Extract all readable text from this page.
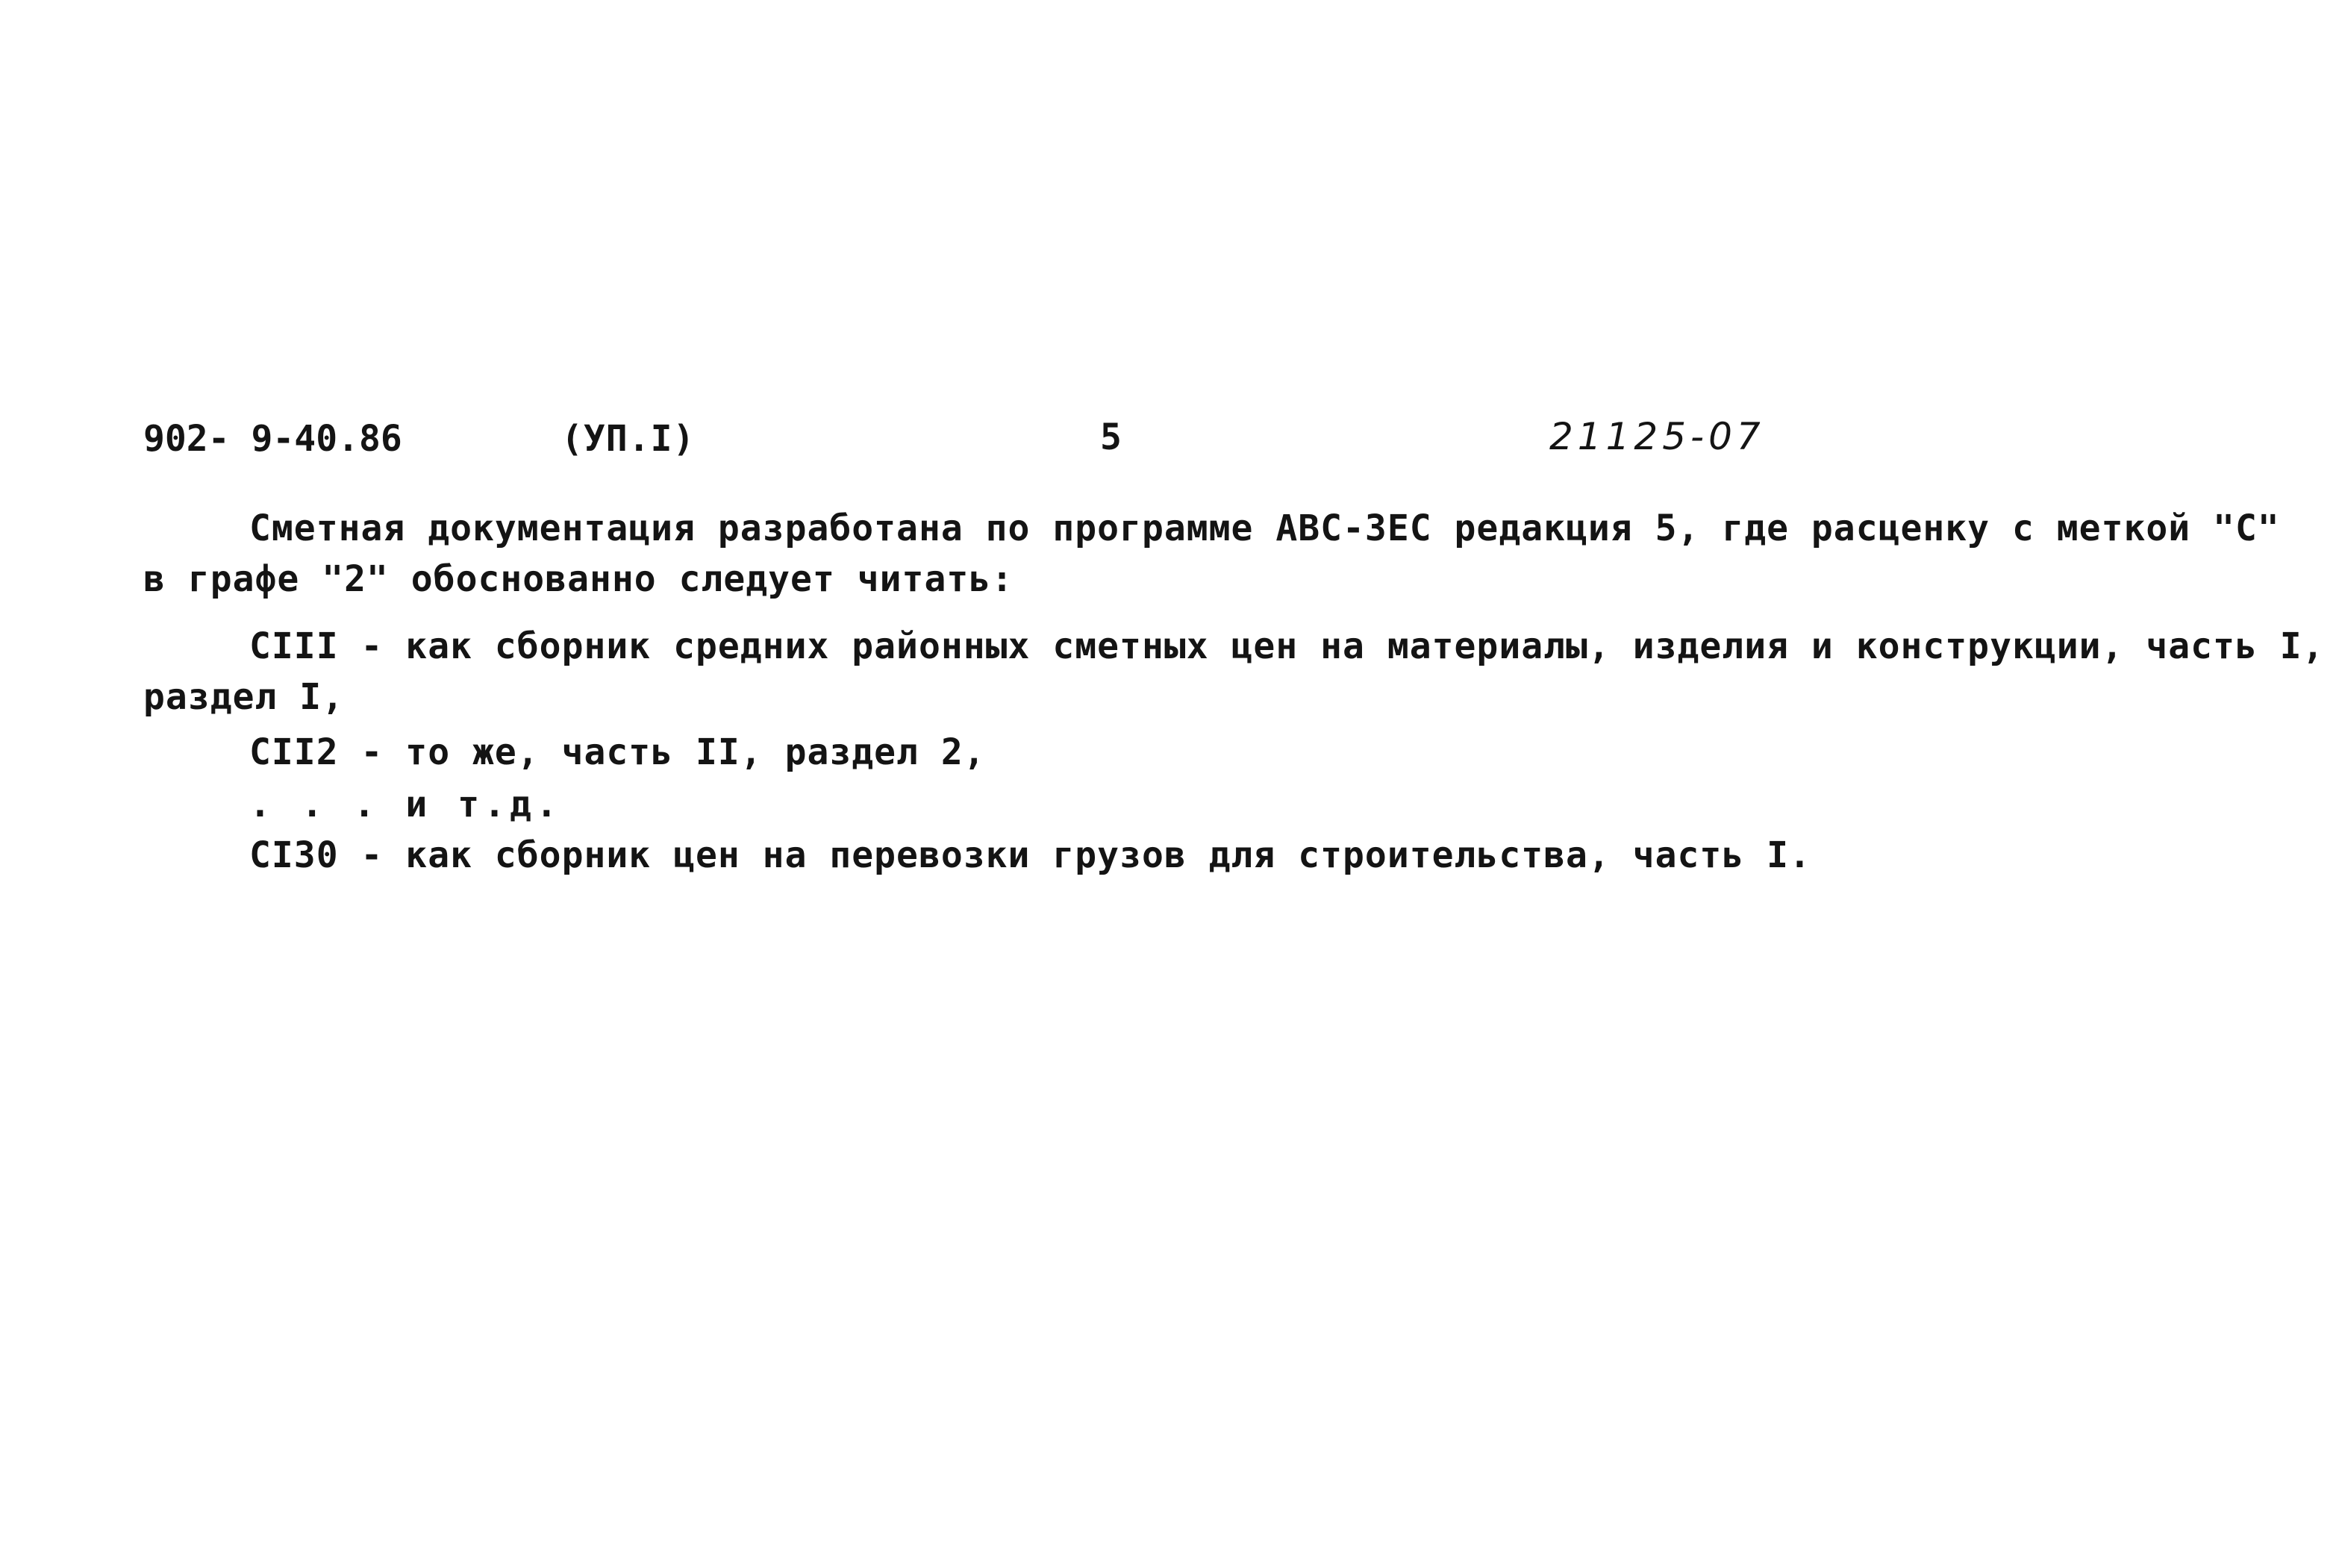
902- 9-40.86	(УП.I)	5	21125-07
Сметная документация разработана по программе АВС-ЗЕС редакция 5, где расценку с меткой "С"
в графе "2" обоснованно следует читать:
СIII - как сборник средних районных сметных цен на материалы, изделия и конструкции, часть I,
раздел I,
СII2 - то же, часть II, раздел 2,
. . . и т.д.
СI30 - как сборник цен на перевозки грузов для строительства, часть I.
